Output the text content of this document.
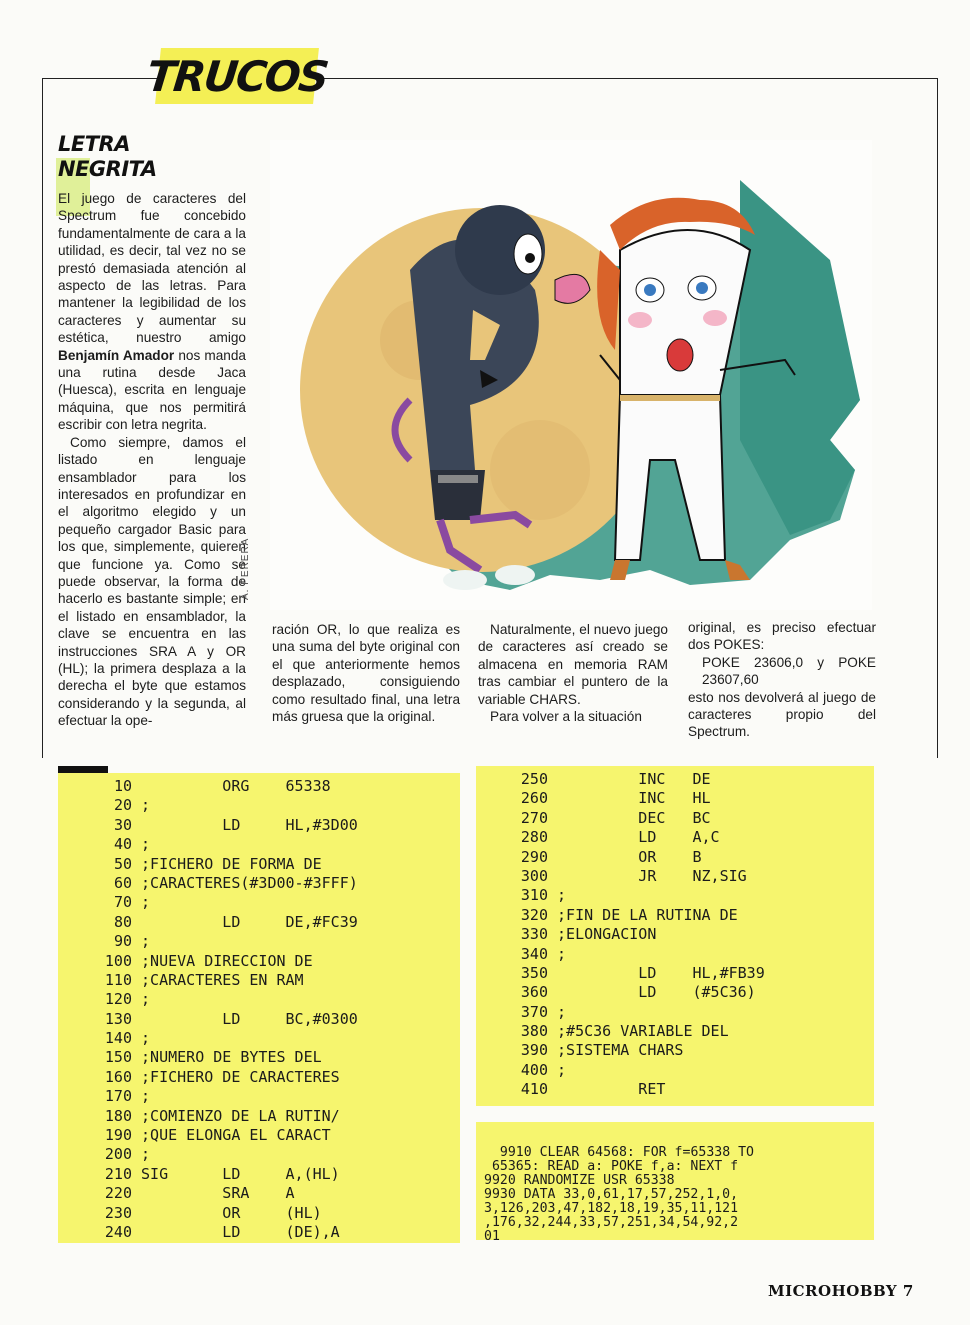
TRUCOS
LETRA
NEGRITA

El juego de caracteres del Spectrum fue concebido fundamentalmente de cara a la utilidad, es decir, tal vez no se prestó demasiada atención al aspecto de las letras. Para mantener la legibilidad de los caracteres y aumentar su estética, nuestro amigo Benjamín Amador nos manda una rutina desde Jaca (Huesca), escrita en lenguaje máquina, que nos permitirá escribir con letra negrita.

Como siempre, damos el listado en lenguaje ensamblador para los interesados en profundizar en el algoritmo elegido y un pequeño cargador Basic para los que, simplemente, quieren que funcione ya. Como se puede observar, la forma de hacerlo es bastante simple; en el listado en ensamblador, la clave se encuentra en las instrucciones SRA A y OR (HL); la primera desplaza a la derecha el byte que estamos considerando y la segunda, al efectuar la ope-

A. PERERA

ración OR, lo que realiza es una suma del byte original con el que anteriormente hemos desplazado, consiguiendo como resultado final, una letra más gruesa que la original.

Naturalmente, el nuevo juego de caracteres así creado se almacena en memoria RAM tras cambiar el puntero de la variable CHARS.

Para volver a la situación

original, es preciso efectuar dos POKES:

POKE 23606,0 y POKE 23607,60

esto nos devolverá al juego de caracteres propio del Spectrum.

10          ORG    65338
20 ;
30          LD     HL,#3D00
40 ;
50 ;FICHERO DE FORMA DE
60 ;CARACTERES(#3D00-#3FFF)
70 ;
80          LD     DE,#FC39
90 ;
100 ;NUEVA DIRECCION DE
110 ;CARACTERES EN RAM
120 ;
130          LD     BC,#0300
140 ;
150 ;NUMERO DE BYTES DEL
160 ;FICHERO DE CARACTERES
170 ;
180 ;COMIENZO DE LA RUTIN/
190 ;QUE ELONGA EL CARACT
200 ;
210 SIG      LD     A,(HL)
220          SRA    A
230          OR     (HL)
240          LD     (DE),A
250          INC   DE
260          INC   HL
270          DEC   BC
280          LD    A,C
290          OR    B
300          JR    NZ,SIG
310 ;
320 ;FIN DE LA RUTINA DE
330 ;ELONGACION
340 ;
350          LD    HL,#FB39
360          LD    (#5C36)
370 ;
380 ;#5C36 VARIABLE DEL
390 ;SISTEMA CHARS
400 ;
410          RET

9910 CLEAR 64568: FOR f=65338 TO
65365: READ a: POKE f,a: NEXT f
9920 RANDOMIZE USR 65338
9930 DATA 33,0,61,17,57,252,1,0,
3,126,203,47,182,18,19,35,11,121
,176,32,244,33,57,251,34,54,92,2
01
MICROHOBBY 7
